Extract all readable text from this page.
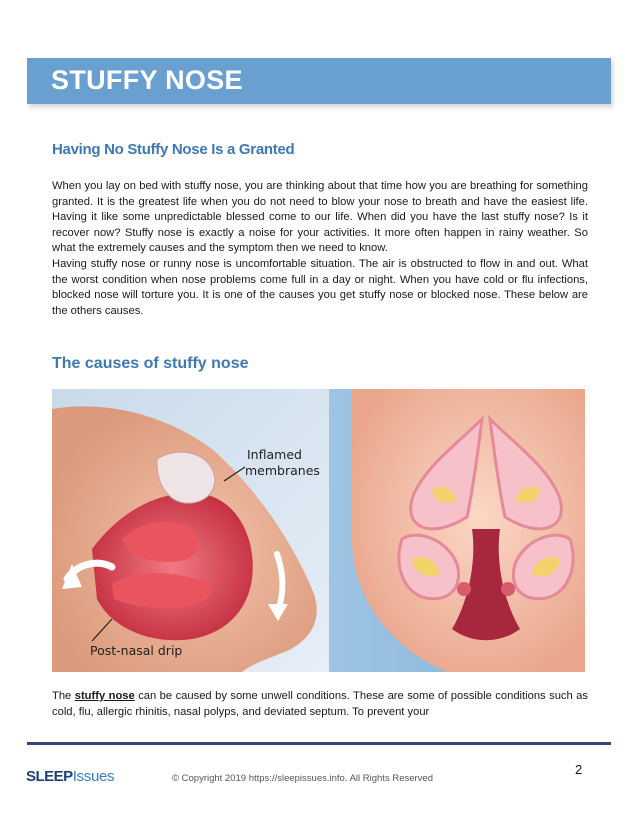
STUFFY NOSE
Having No Stuffy Nose Is a Granted

When you lay on bed with stuffy nose, you are thinking about that time how you are breathing for something granted. It is the greatest life when you do not need to blow your nose to breath and have the easiest life. Having it like some unpredictable blessed come to our life. When did you have the last stuffy nose? Is it recover now? Stuffy nose is exactly a noise for your activities. It more often happen in rainy weather. So what the extremely causes and the symptom then we need to know.

Having stuffy nose or runny nose is uncomfortable situation. The air is obstructed to flow in and out. What the worst condition when nose problems come full in a day or night. When you have cold or flu infections, blocked nose will torture you. It is one of the causes you get stuffy nose or blocked nose. These below are the others causes.

The causes of stuffy nose
Inflamed
membranes
Post-nasal drip

The stuffy nose can be caused by some unwell conditions. These are some of possible conditions such as cold, flu, allergic rhinitis, nasal polyps, and deviated septum. To prevent your

2
SLEEPIssues	© Copyright 2019 https://sleepissues.info. All Rights Reserved
